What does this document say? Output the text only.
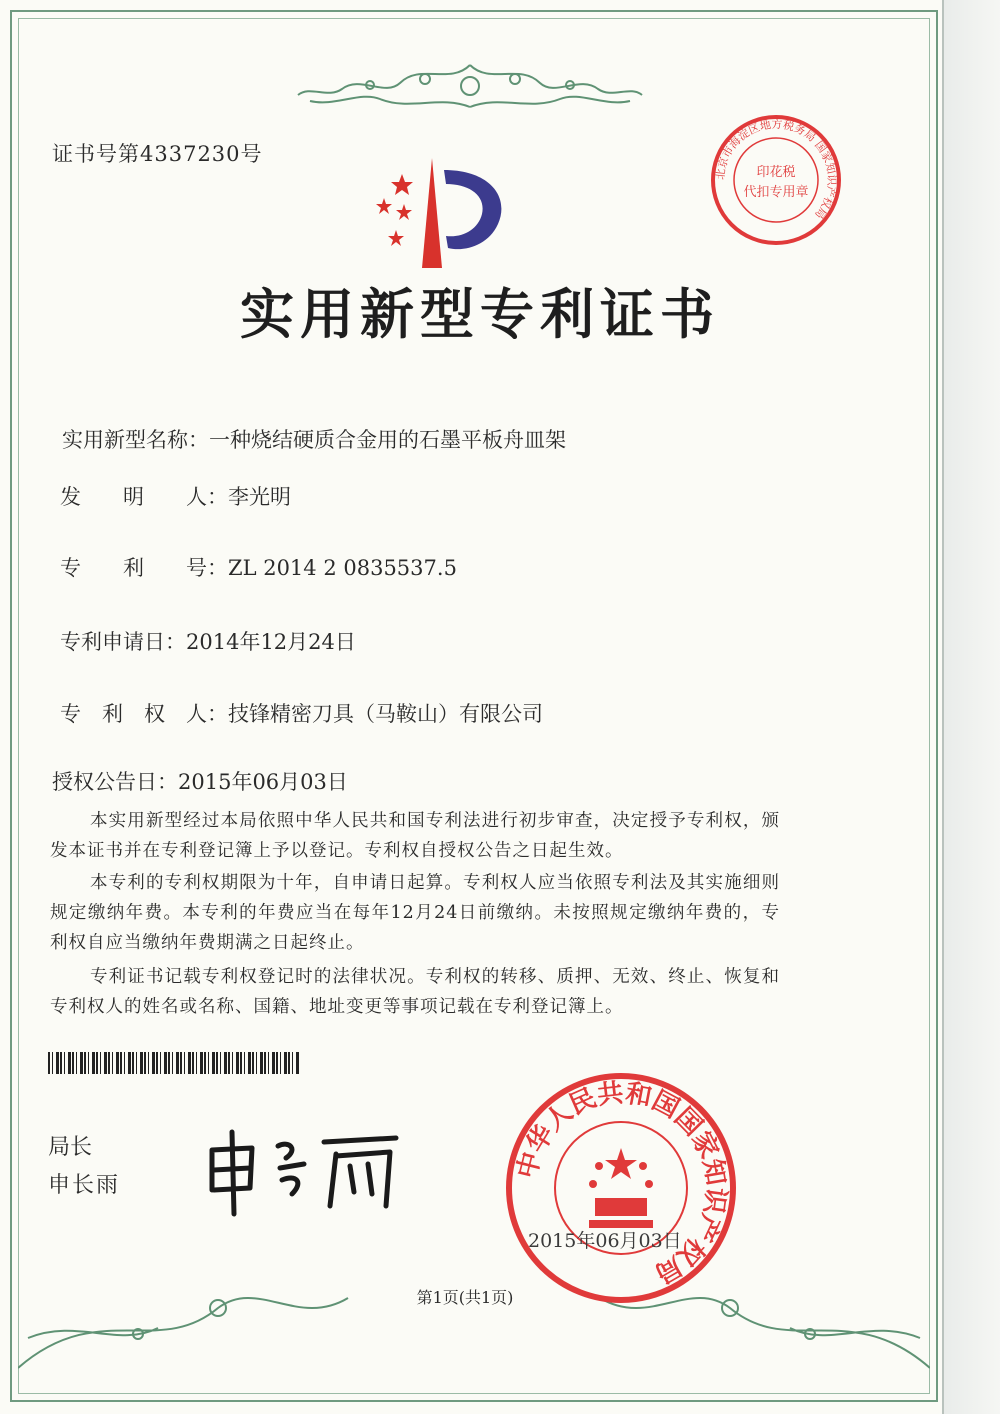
证书号第4337230号
北京市海淀区地方税务局 国家知识产权局
印花税
代扣专用章
实用新型专利证书
实用新型名称：一种烧结硬质合金用的石墨平板舟皿架
发　　明　　人：李光明
专　　利　　号：ZL 2014 2 0835537.5
专利申请日：2014年12月24日
专　利　权　人：技锋精密刀具（马鞍山）有限公司
授权公告日：2015年06月03日
本实用新型经过本局依照中华人民共和国专利法进行初步审查，决定授予专利权，颁发本证书并在专利登记簿上予以登记。专利权自授权公告之日起生效。
本专利的专利权期限为十年，自申请日起算。专利权人应当依照专利法及其实施细则规定缴纳年费。本专利的年费应当在每年12月24日前缴纳。未按照规定缴纳年费的，专利权自应当缴纳年费期满之日起终止。
专利证书记载专利权登记时的法律状况。专利权的转移、质押、无效、终止、恢复和专利权人的姓名或名称、国籍、地址变更等事项记载在专利登记簿上。
局长
申长雨
中华人民共和国国家知识产权局
2015年06月03日
第1页(共1页)
